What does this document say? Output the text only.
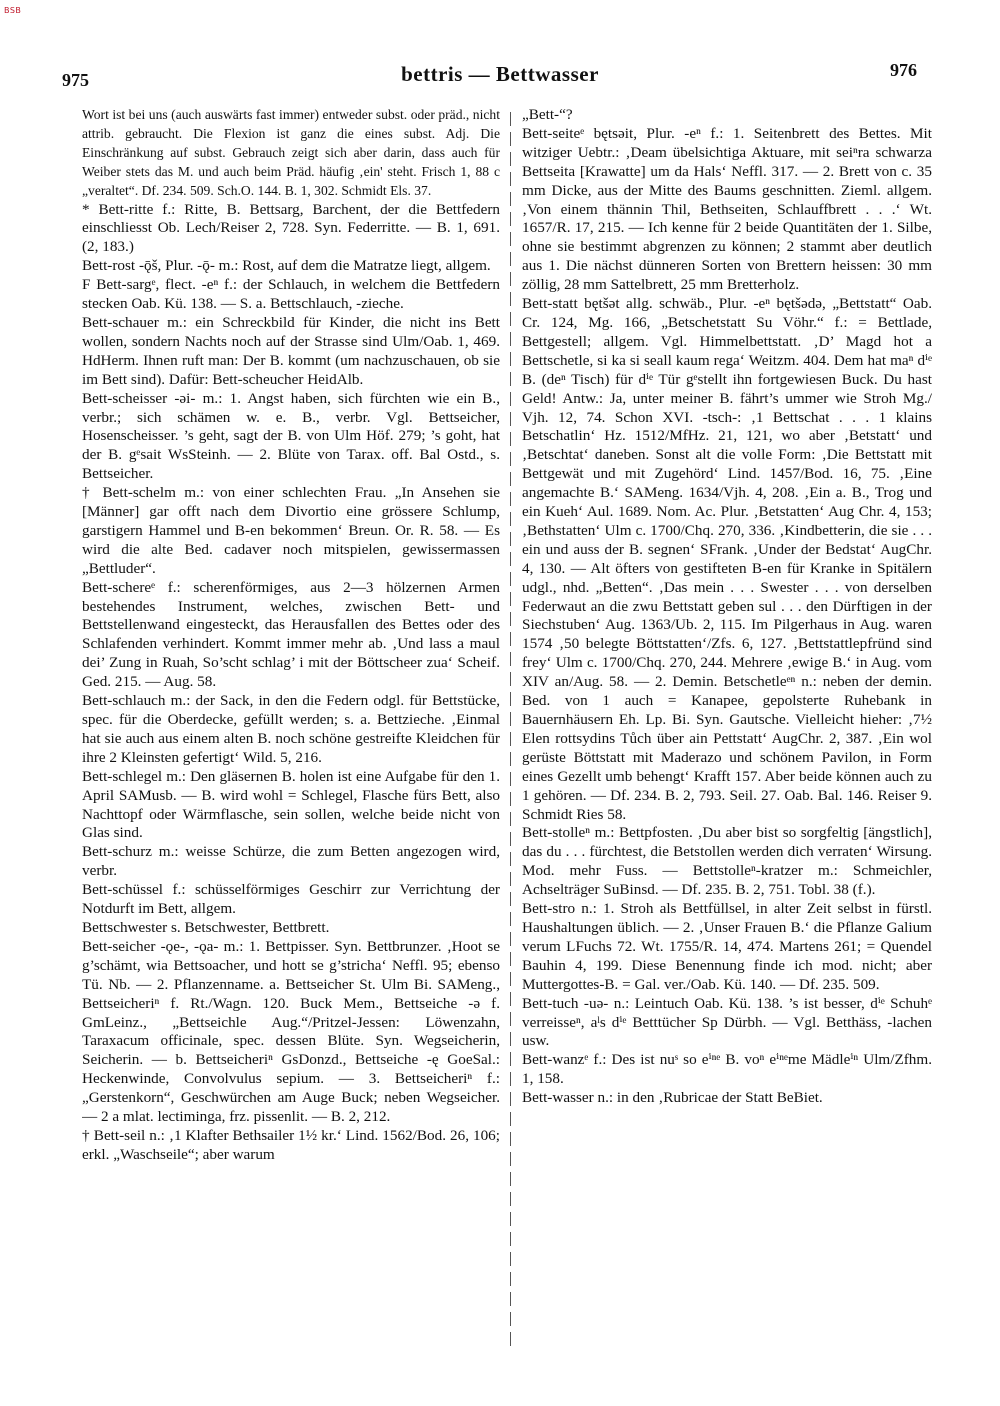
BSB
975	bettris — Bettwasser	976

Wort ist bei uns (auch auswärts fast immer) entweder subst. oder präd., nicht attrib. gebraucht. Die Flexion ist ganz die eines subst. Adj. Die Einschränkung auf subst. Gebrauch zeigt sich aber darin, dass auch für Weiber stets das M. und auch beim Präd. häufig ‚ein' steht. Frisch 1, 88 c „veraltet“. Df. 234. 509. Sch.O. 144. B. 1, 302. Schmidt Els. 37.

* Bett-ritte f.: Ritte, B. Bettsarg, Barchent, der die Bettfedern einschliesst Ob. Lech/Reiser 2, 728. Syn. Federritte. — B. 1, 691. (2, 183.)

Bett-rost -ǭš, Plur. -ǭ- m.: Rost, auf dem die Matratze liegt, allgem.

F Bett-sargᵉ, flect. -eⁿ f.: der Schlauch, in welchem die Bettfedern stecken Oab. Kü. 138. — S. a. Bettschlauch, -zieche.

Bett-schauer m.: ein Schreckbild für Kinder, die nicht ins Bett wollen, sondern Nachts noch auf der Strasse sind Ulm/Oab. 1, 469. HdHerm. Ihnen ruft man: Der B. kommt (um nachzuschauen, ob sie im Bett sind). Dafür: Bett-scheucher HeidAlb.

Bett-scheisser -əi- m.: 1. Angst haben, sich fürchten wie ein B., verbr.; sich schämen w. e. B., verbr. Vgl. Bettseicher, Hosenscheisser. ’s geht, sagt der B. von Ulm Höf. 279; ’s goht, hat der B. gᵉsait WsSteinh. — 2. Blüte von Tarax. off. Bal Ostd., s. Bettseicher.

† Bett-schelm m.: von einer schlechten Frau. „In Ansehen sie [Männer] gar offt nach dem Divortio eine grössere Schlump, garstigern Hammel und B-en bekommen‘ Breun. Or. R. 58. — Es wird die alte Bed. cadaver noch mitspielen, gewissermassen „Bettluder“.

Bett-schereᵉ f.: scherenförmiges, aus 2—3 hölzernen Armen bestehendes Instrument, welches, zwischen Bett- und Bettstellenwand eingesteckt, das Herausfallen des Bettes oder des Schlafenden verhindert. Kommt immer mehr ab. ‚Und lass a maul dei’ Zung in Ruah, So’scht schlag’ i mit der Böttscheer zua‘ Scheif. Ged. 215. — Aug. 58.

Bett-schlauch m.: der Sack, in den die Federn odgl. für Bettstücke, spec. für die Oberdecke, gefüllt werden; s. a. Bettzieche. ‚Einmal hat sie auch aus einem alten B. noch schöne gestreifte Kleidchen für ihre 2 Kleinsten gefertigt‘ Wild. 5, 216.

Bett-schlegel m.: Den gläsernen B. holen ist eine Aufgabe für den 1. April SAMusb. — B. wird wohl = Schlegel, Flasche fürs Bett, also Nachttopf oder Wärmflasche, sein sollen, welche beide nicht von Glas sind.

Bett-schurz m.: weisse Schürze, die zum Betten angezogen wird, verbr.

Bett-schüssel f.: schüsselförmiges Geschirr zur Verrichtung der Notdurft im Bett, allgem.

Bettschwester s. Betschwester, Bettbrett.

Bett-seicher -ǫe-, -ǫa- m.: 1. Bettpisser. Syn. Bettbrunzer. ‚Hoot se g’schämt, wia Bettsoacher, und hott se g’stricha‘ Neffl. 95; ebenso Tü. Nb. — 2. Pflanzenname. a. Bettseicher St. Ulm Bi. SAMeng., Bettseicheriⁿ f. Rt./Wagn. 120. Buck Mem., Bettseiche -ə f. GmLeinz., „Bettseichle Aug.“/Pritzel-Jessen: Löwenzahn, Taraxacum officinale, spec. dessen Blüte. Syn. Wegseicherin, Seicherin. — b. Bettseicheriⁿ GsDonzd., Bettseiche -ę GoeSal.: Heckenwinde, Convolvulus sepium. — 3. Bettseicheriⁿ f.: „Gerstenkorn“, Geschwürchen am Auge Buck; neben Wegseicher. — 2 a mlat. lectiminga, frz. pissenlit. — B. 2, 212.

† Bett-seil n.: ‚1 Klafter Bethsailer 1½ kr.‘ Lind. 1562/Bod. 26, 106; erkl. „Waschseile“; aber warum

„Bett-“?

Bett-seiteᵉ bętsəit, Plur. -eⁿ f.: 1. Seitenbrett des Bettes. Mit witziger Uebtr.: ‚Deam übelsichtiga Aktuare, mit seiⁿra schwarza Bettseita [Krawatte] um da Hals‘ Neffl. 317. — 2. Brett von c. 35 mm Dicke, aus der Mitte des Baums geschnitten. Zieml. allgem. ‚Von einem thännin Thil, Bethseiten, Schlauffbrett . . .‘ Wt. 1657/R. 17, 215. — Ich kenne für 2 beide Quantitäten der 1. Silbe, ohne sie bestimmt abgrenzen zu können; 2 stammt aber deutlich aus 1. Die nächst dünneren Sorten von Brettern heissen: 30 mm zöllig, 28 mm Sattelbrett, 25 mm Bretterholz.

Bett-statt bętšət allg. schwäb., Plur. -eⁿ bętšədə, „Bettstatt“ Oab. Cr. 124, Mg. 166, „Betschetstatt Su Vöhr.“ f.: = Bettlade, Bettgestell; allgem. Vgl. Himmelbettstatt. ‚D’ Magd hot a Bettschetle, si ka si seall kaum rega‘ Weitzm. 404. Dem hat maⁿ dⁱᵉ B. (deⁿ Tisch) für dⁱᵉ Tür gᵉstellt ihn fortgewiesen Buck. Du hast Geld! Antw.: Ja, unter meiner B. fährt’s ummer wie Stroh Mg./ Vjh. 12, 74. Schon XVI. -tsch-: ‚1 Bettschat . . . 1 klains Betschatlin‘ Hz. 1512/MfHz. 21, 121, wo aber ‚Betstatt‘ und ‚Betschtat‘ daneben. Sonst alt die volle Form: ‚Die Bettstatt mit Bettgewät und mit Zugehörd‘ Lind. 1457/Bod. 16, 75. ‚Eine angemachte B.‘ SAMeng. 1634/Vjh. 4, 208. ‚Ein a. B., Trog und ein Kueh‘ Aul. 1689. Nom. Ac. Plur. ‚Betstatten‘ Aug Chr. 4, 153; ‚Bethstatten‘ Ulm c. 1700/Chq. 270, 336. ‚Kindbetterin, die sie . . . ein und auss der B. segnen‘ SFrank. ‚Under der Bedstat‘ AugChr. 4, 130. — Alt öfters von gestifteten B-en für Kranke in Spitälern udgl., nhd. „Betten“. ‚Das mein . . . Swester . . . von derselben Federwaut an die zwu Bettstatt geben sul . . . den Dürftigen in der Siechstuben‘ Aug. 1363/Ub. 2, 115. Im Pilgerhaus in Aug. waren 1574 ‚50 belegte Böttstatten‘/Zfs. 6, 127. ‚Bettstattlepfründ sind frey‘ Ulm c. 1700/Chq. 270, 244. Mehrere ‚ewige B.‘ in Aug. vom XIV an/Aug. 58. — 2. Demin. Betschetleᵉⁿ n.: neben der demin. Bed. von 1 auch = Kanapee, gepolsterte Ruhebank in Bauernhäusern Eh. Lp. Bi. Syn. Gautsche. Vielleicht hieher: ‚7½ Elen rottsydins Tůch über ain Pettstatt‘ AugChr. 2, 387. ‚Ein wol gerüste Böttstatt mit Maderazo und schönem Pavilon, in Form eines Gezellt umb behengt‘ Krafft 157. Aber beide können auch zu 1 gehören. — Df. 234. B. 2, 793. Seil. 27. Oab. Bal. 146. Reiser 9. Schmidt Ries 58.

Bett-stolleⁿ m.: Bettpfosten. ‚Du aber bist so sorgfeltig [ängstlich], das du . . . fürchtest, die Betstollen werden dich verraten‘ Wirsung. Mod. mehr Fuss. — Bettstolleⁿ-kratzer m.: Schmeichler, Achselträger SuBinsd. — Df. 235. B. 2, 751. Tobl. 38 (f.).

Bett-stro n.: 1. Stroh als Bettfüllsel, in alter Zeit selbst in fürstl. Haushaltungen üblich. — 2. ‚Unser Frauen B.‘ die Pflanze Galium verum LFuchs 72. Wt. 1755/R. 14, 474. Martens 261; = Quendel Bauhin 4, 199. Diese Benennung finde ich mod. nicht; aber Muttergottes-B. = Gal. ver./Oab. Kü. 140. — Df. 235. 509.

Bett-tuch -uə- n.: Leintuch Oab. Kü. 138. ’s ist besser, dⁱᵉ Schuhᵉ verreisseⁿ, aˡs dⁱᵉ Betttücher Sp Dürbh. — Vgl. Betthäss, -lachen usw.

Bett-wanzᵉ f.: Des ist nuˢ so eⁱⁿᵉ B. voⁿ eⁱⁿᵉme Mädleⁱⁿ Ulm/Zfhm. 1, 158.

Bett-wasser n.: in den ‚Rubricae der Statt BeBiet.
